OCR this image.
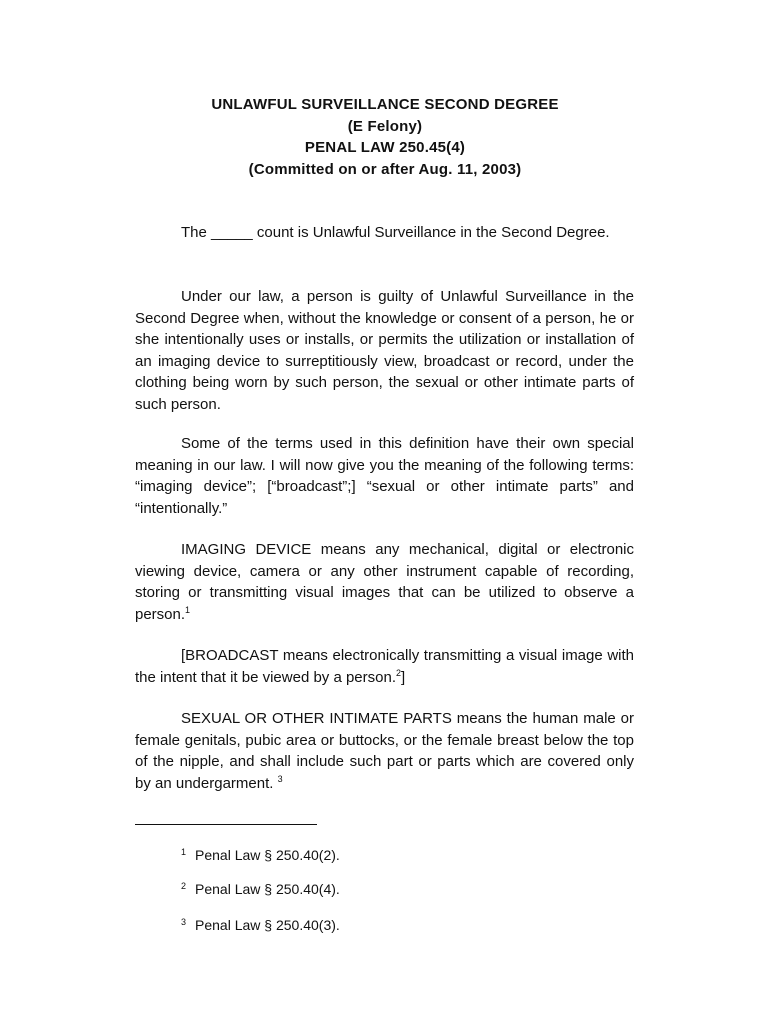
UNLAWFUL SURVEILLANCE SECOND DEGREE
(E Felony)
PENAL LAW 250.45(4)
(Committed on or after Aug. 11, 2003)
The _____ count is Unlawful Surveillance in the Second Degree.
Under our law, a person is guilty of Unlawful Surveillance in the Second Degree when, without the knowledge or consent of a person, he or she intentionally uses or installs, or permits the utilization or installation of an imaging device to surreptitiously view, broadcast or record, under the clothing being worn by such person, the sexual or other intimate parts of such person.
Some of the terms used in this definition have their own special meaning in our law. I will now give you the meaning of the following terms: “imaging device”; [“broadcast”;] “sexual or other intimate parts” and “intentionally.”
IMAGING DEVICE means any mechanical, digital or electronic viewing device, camera or any other instrument capable of recording, storing or transmitting visual images that can be utilized to observe a person.$^1$
[BROADCAST means electronically transmitting a visual image with the intent that it be viewed by a person.$^2$]
SEXUAL OR OTHER INTIMATE PARTS means the human male or female genitals, pubic area or buttocks, or the female breast below the top of the nipple, and shall include such part or parts which are covered only by an undergarment. $^3$
$^1$ Penal Law § 250.40(2).
$^2$ Penal Law § 250.40(4).
$^3$ Penal Law § 250.40(3).
